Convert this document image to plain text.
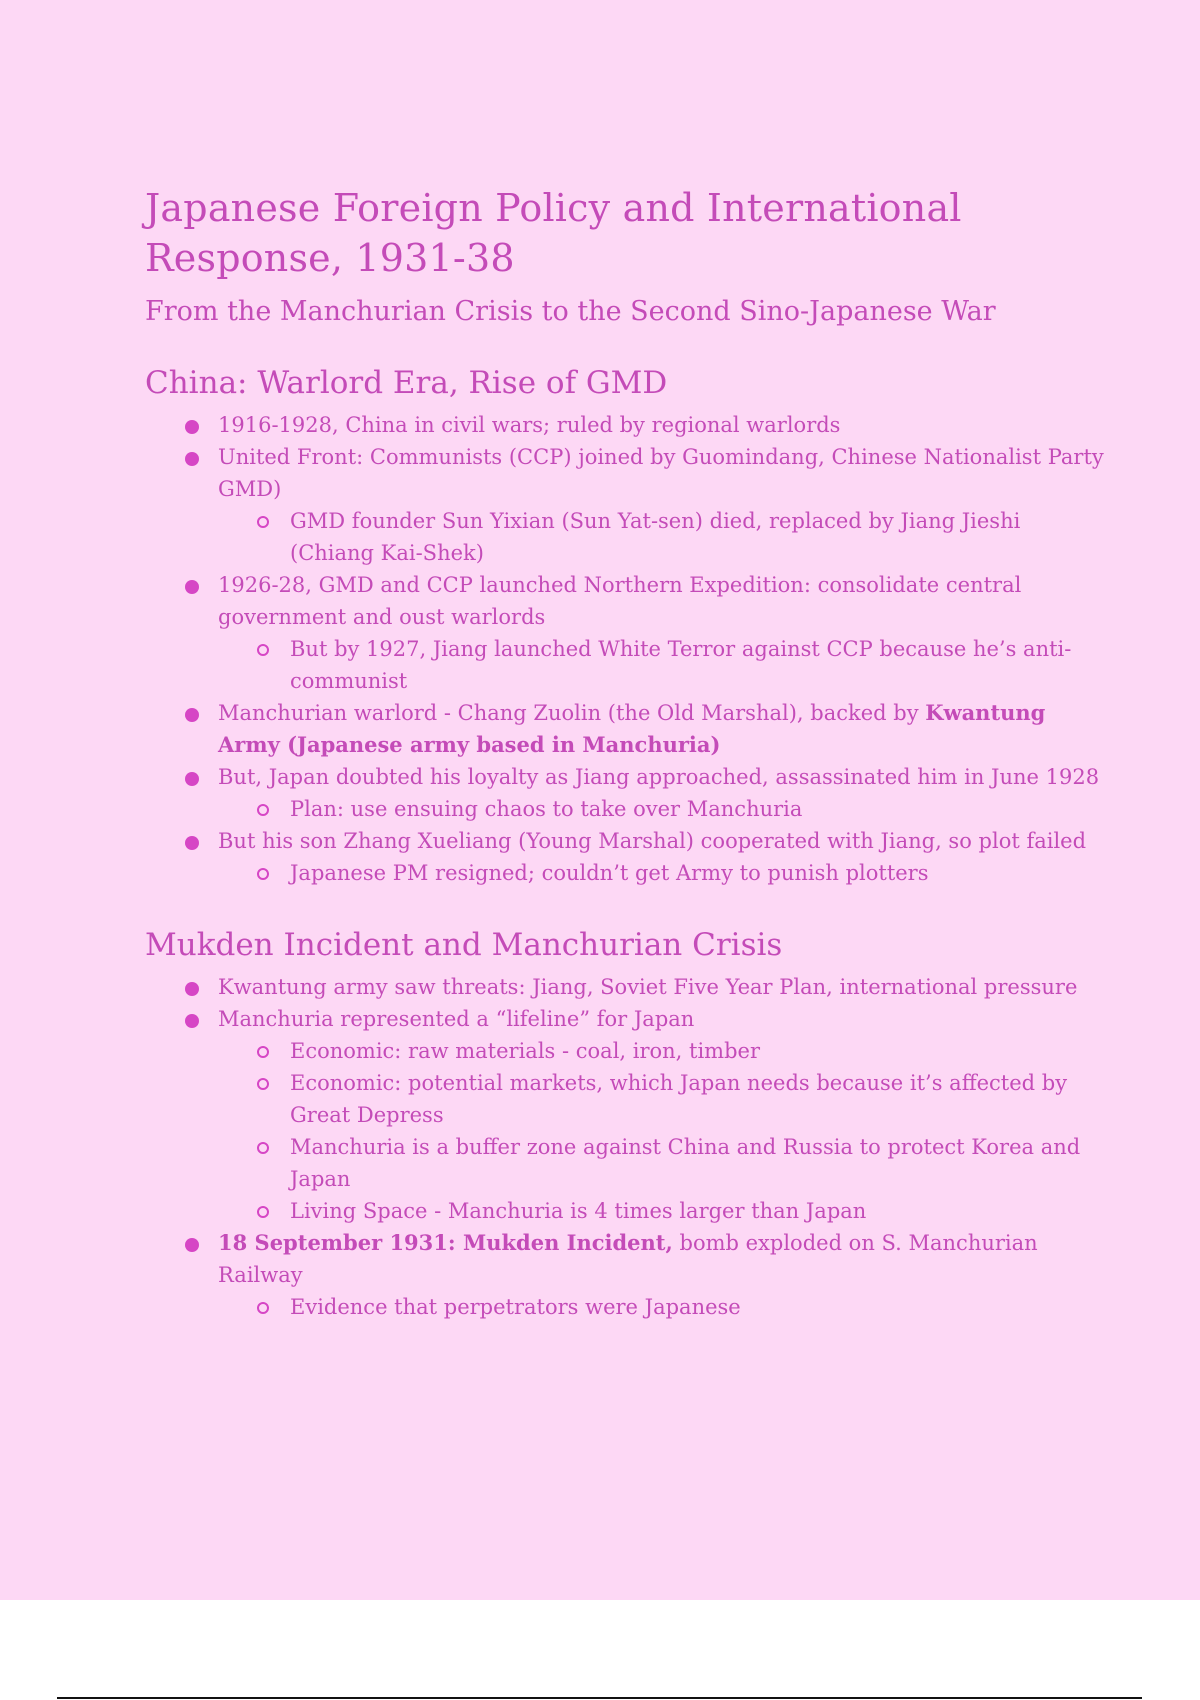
Japanese Foreign Policy and International Response, 1931-38
From the Manchurian Crisis to the Second Sino-Japanese War
China: Warlord Era, Rise of GMD
1916-1928, China in civil wars; ruled by regional warlords
United Front: Communists (CCP) joined by Guomindang, Chinese Nationalist Party GMD)
GMD founder Sun Yixian (Sun Yat-sen) died, replaced by Jiang Jieshi (Chiang Kai-Shek)
1926-28, GMD and CCP launched Northern Expedition: consolidate central government and oust warlords
But by 1927, Jiang launched White Terror against CCP because he’s anti-communist
Manchurian warlord - Chang Zuolin (the Old Marshal), backed by Kwantung Army (Japanese army based in Manchuria)
But, Japan doubted his loyalty as Jiang approached, assassinated him in June 1928
Plan: use ensuing chaos to take over Manchuria
But his son Zhang Xueliang (Young Marshal) cooperated with Jiang, so plot failed
Japanese PM resigned; couldn’t get Army to punish plotters
Mukden Incident and Manchurian Crisis
Kwantung army saw threats: Jiang, Soviet Five Year Plan, international pressure
Manchuria represented a “lifeline” for Japan
Economic: raw materials - coal, iron, timber
Economic: potential markets, which Japan needs because it’s affected by Great Depress
Manchuria is a buffer zone against China and Russia to protect Korea and Japan
Living Space - Manchuria is 4 times larger than Japan
18 September 1931: Mukden Incident, bomb exploded on S. Manchurian Railway
Evidence that perpetrators were Japanese
